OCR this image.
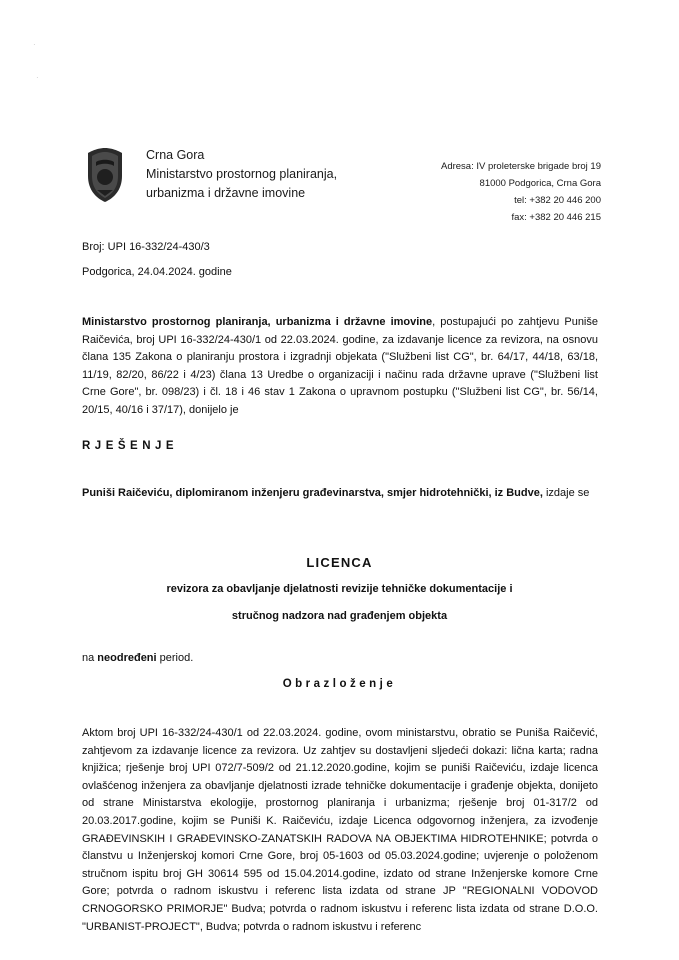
·
·
Crna Gora
Ministarstvo prostornog planiranja,
urbanizma i državne imovine
Adresa: IV proleterske brigade broj 19
81000 Podgorica, Crna Gora
tel: +382 20 446 200
fax: +382 20 446 215
Broj: UPI 16-332/24-430/3
Podgorica, 24.04.2024. godine
Ministarstvo prostornog planiranja, urbanizma i državne imovine, postupajući po zahtjevu Puniše Raičevića, broj UPI 16-332/24-430/1 od 22.03.2024. godine, za izdavanje licence za revizora, na osnovu člana 135 Zakona o planiranju prostora i izgradnji objekata ("Službeni list CG", br. 64/17, 44/18, 63/18, 11/19, 82/20, 86/22 i 4/23) člana 13 Uredbe o organizaciji i načinu rada državne uprave ("Službeni list Crne Gore", br. 098/23) i čl. 18 i 46 stav 1 Zakona o upravnom postupku ("Službeni list CG", br. 56/14, 20/15, 40/16 i 37/17), donijelo je
RJEŠENJE
Puniši Raičeviću, diplomiranom inženjeru građevinarstva, smjer hidrotehnički, iz Budve, izdaje se
LICENCA
revizora za obavljanje djelatnosti revizije tehničke dokumentacije i
stručnog nadzora nad građenjem objekta
na neodređeni period.
Obrazloženje
Aktom broj UPI 16-332/24-430/1 od 22.03.2024. godine, ovom ministarstvu, obratio se Puniša Raičević, zahtjevom za izdavanje licence za revizora. Uz zahtjev su dostavljeni sljedeći dokazi: lična karta; radna knjižica; rješenje broj UPI 072/7-509/2 od 21.12.2020.godine, kojim se puniši Raičeviću, izdaje licenca ovlašćenog inženjera za obavljanje djelatnosti izrade tehničke dokumentacije i građenje objekta, donijeto od strane Ministarstva ekologije, prostornog planiranja i urbanizma; rješenje broj 01-317/2 od 20.03.2017.godine, kojim se Puniši K. Raičeviću, izdaje Licenca odgovornog inženjera, za izvođenje GRAĐEVINSKIH I GRAĐEVINSKO-ZANATSKIH RADOVA NA OBJEKTIMA HIDROTEHNIKE; potvrda o članstvu u Inženjerskoj komori Crne Gore, broj 05-1603 od 05.03.2024.godine; uvjerenje o položenom stručnom ispitu broj GH 30614 595 od 15.04.2014.godine, izdato od strane Inženjerske komore Crne Gore; potvrda o radnom iskustvu i referenc lista izdata od strane JP "REGIONALNI VODOVOD CRNOGORSKO PRIMORJE" Budva; potvrda o radnom iskustvu i referenc lista izdata od strane D.O.O. "URBANIST-PROJECT", Budva; potvrda o radnom iskustvu i referenc
